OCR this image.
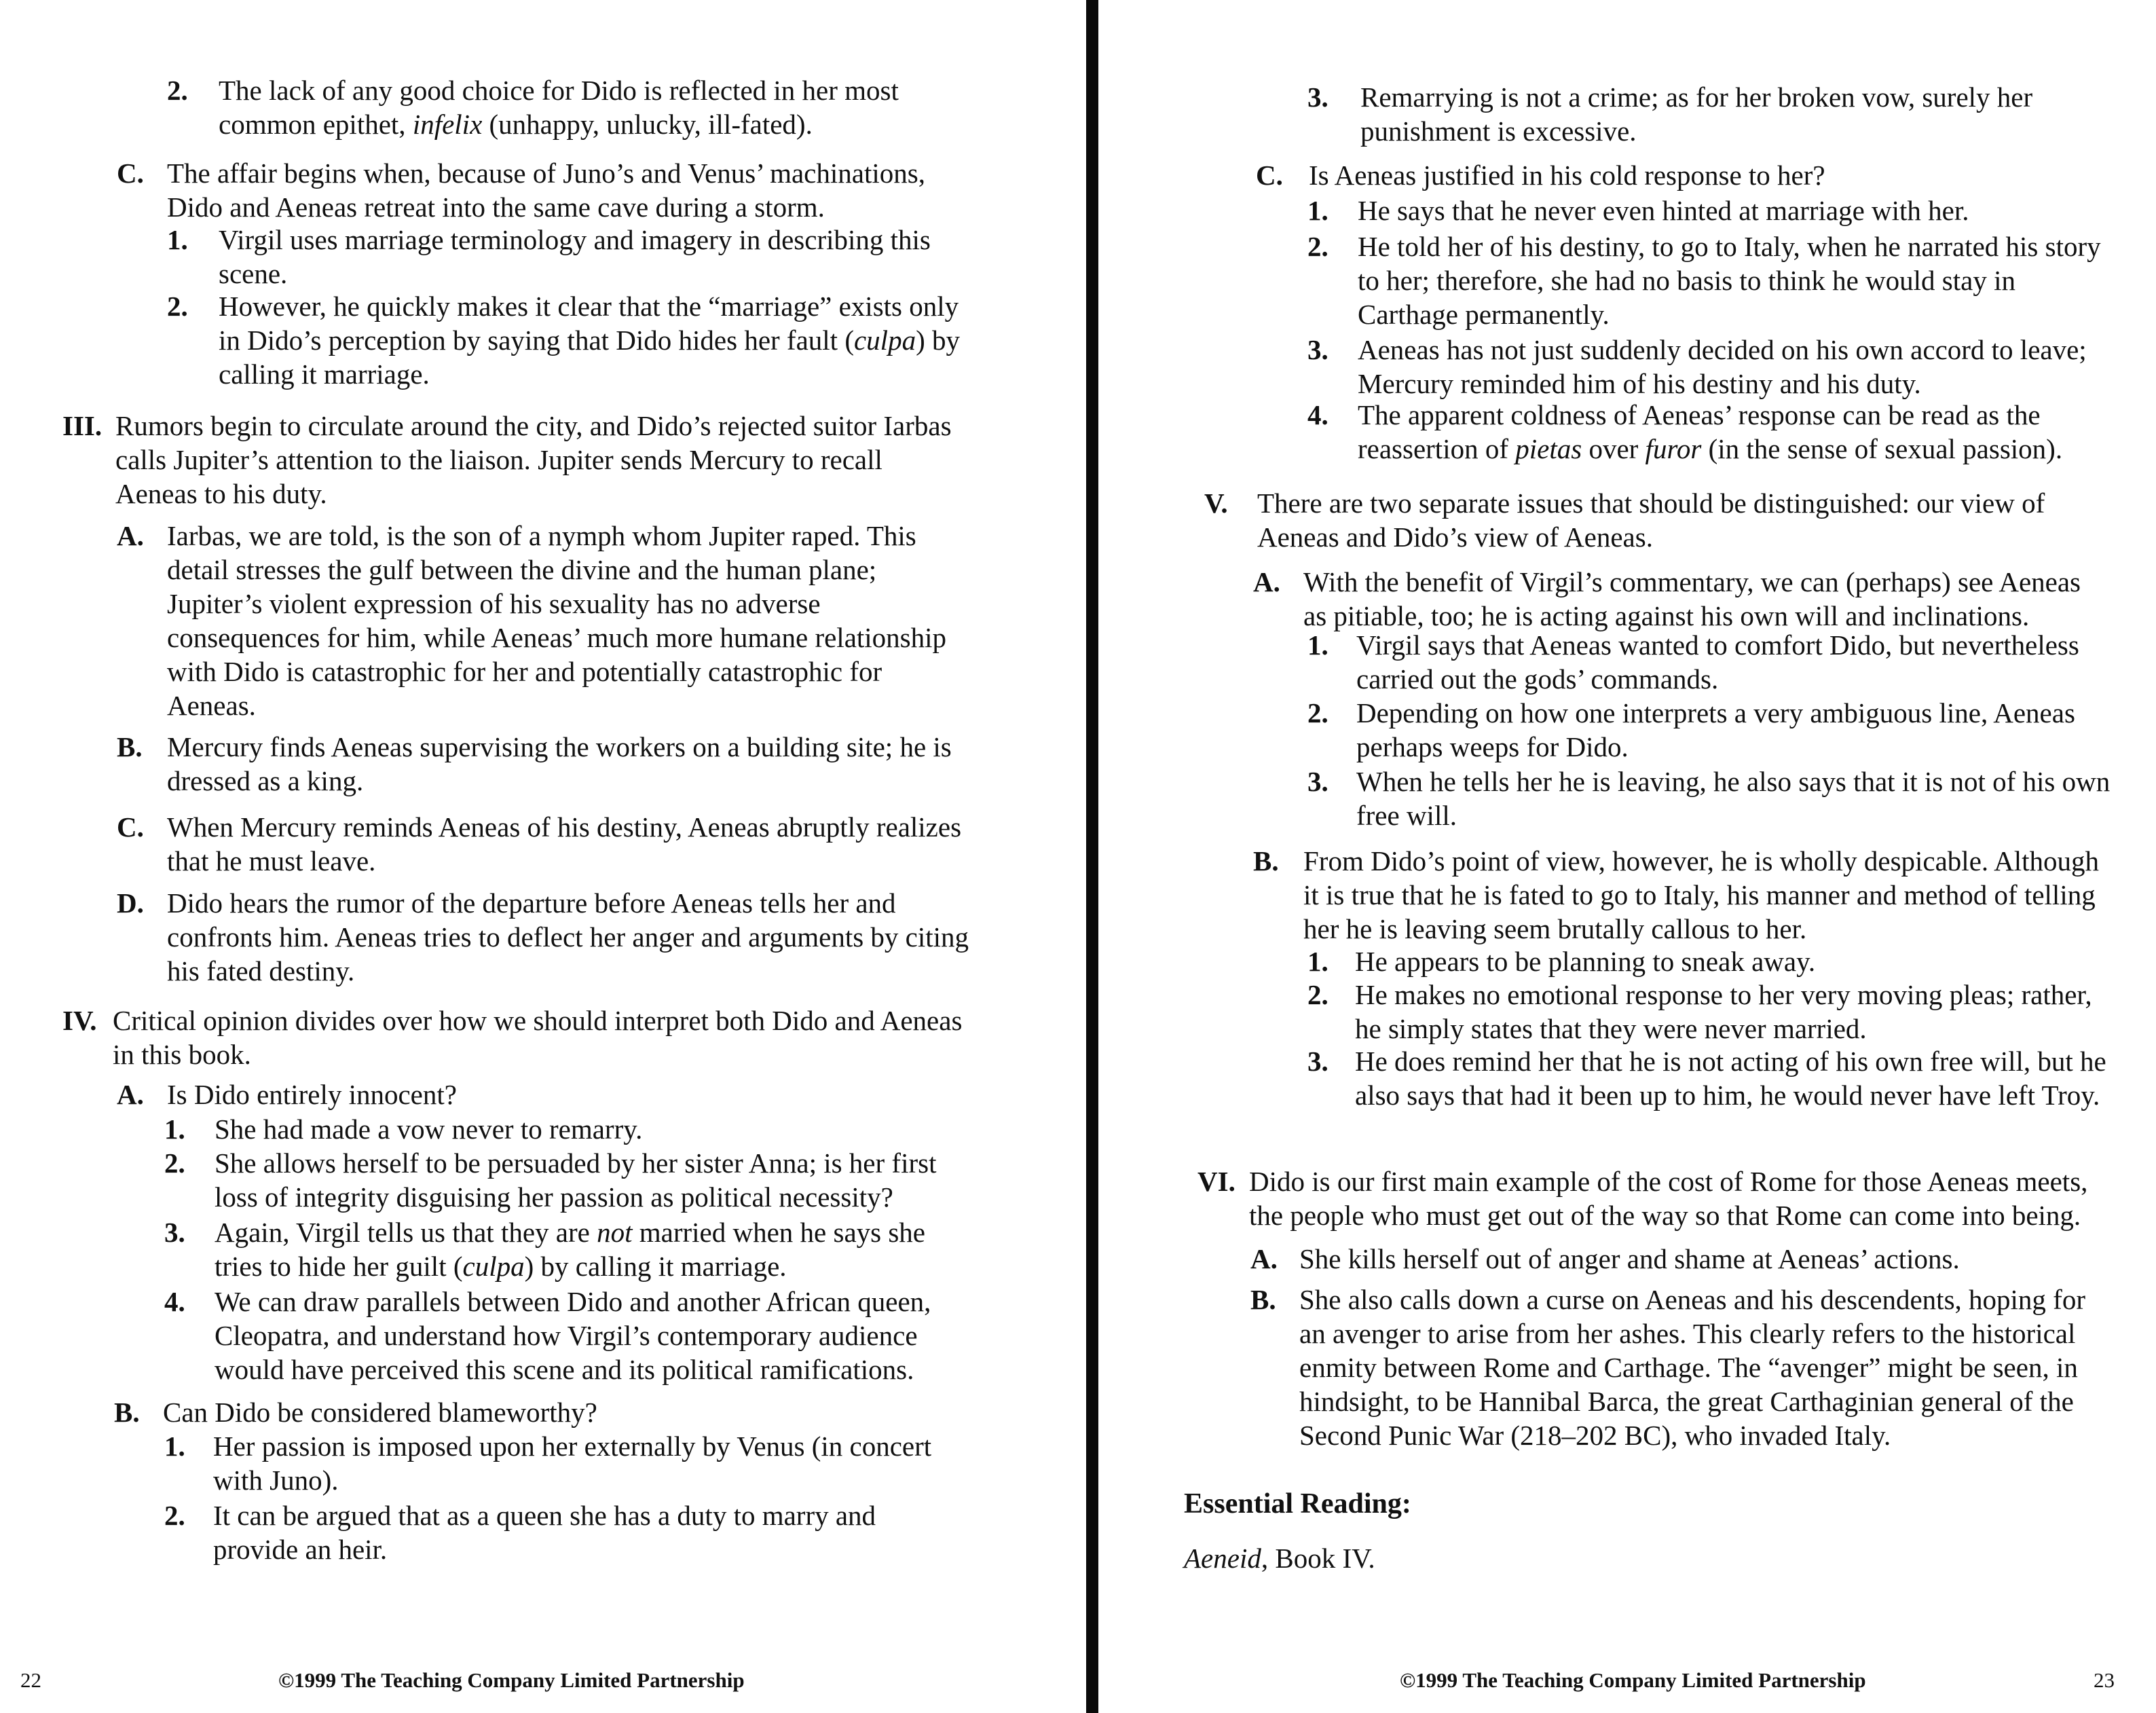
2. The lack of any good choice for Dido is reflected in her most
common epithet, infelix (unhappy, unlucky, ill-fated).
C. The affair begins when, because of Juno’s and Venus’ machinations,
Dido and Aeneas retreat into the same cave during a storm.
1. Virgil uses marriage terminology and imagery in describing this
scene.
2. However, he quickly makes it clear that the “marriage” exists only
in Dido’s perception by saying that Dido hides her fault (culpa) by
calling it marriage.
III. Rumors begin to circulate around the city, and Dido’s rejected suitor Iarbas
calls Jupiter’s attention to the liaison. Jupiter sends Mercury to recall
Aeneas to his duty.
A. Iarbas, we are told, is the son of a nymph whom Jupiter raped. This
detail stresses the gulf between the divine and the human plane;
Jupiter’s violent expression of his sexuality has no adverse
consequences for him, while Aeneas’ much more humane relationship
with Dido is catastrophic for her and potentially catastrophic for
Aeneas.
B. Mercury finds Aeneas supervising the workers on a building site; he is
dressed as a king.
C. When Mercury reminds Aeneas of his destiny, Aeneas abruptly realizes
that he must leave.
D. Dido hears the rumor of the departure before Aeneas tells her and
confronts him. Aeneas tries to deflect her anger and arguments by citing
his fated destiny.
IV. Critical opinion divides over how we should interpret both Dido and Aeneas
in this book.
A. Is Dido entirely innocent?
1. She had made a vow never to remarry.
2. She allows herself to be persuaded by her sister Anna; is her first
loss of integrity disguising her passion as political necessity?
3. Again, Virgil tells us that they are not married when he says she
tries to hide her guilt (culpa) by calling it marriage.
4. We can draw parallels between Dido and another African queen,
Cleopatra, and understand how Virgil’s contemporary audience
would have perceived this scene and its political ramifications.
B. Can Dido be considered blameworthy?
1. Her passion is imposed upon her externally by Venus (in concert
with Juno).
2. It can be argued that as a queen she has a duty to marry and
provide an heir.
22	©1999 The Teaching Company Limited Partnership
3. Remarrying is not a crime; as for her broken vow, surely her
punishment is excessive.
C. Is Aeneas justified in his cold response to her?
1. He says that he never even hinted at marriage with her.
2. He told her of his destiny, to go to Italy, when he narrated his story
to her; therefore, she had no basis to think he would stay in
Carthage permanently.
3. Aeneas has not just suddenly decided on his own accord to leave;
Mercury reminded him of his destiny and his duty.
4. The apparent coldness of Aeneas’ response can be read as the
reassertion of pietas over furor (in the sense of sexual passion).
V. There are two separate issues that should be distinguished: our view of
Aeneas and Dido’s view of Aeneas.
A. With the benefit of Virgil’s commentary, we can (perhaps) see Aeneas
as pitiable, too; he is acting against his own will and inclinations.
1. Virgil says that Aeneas wanted to comfort Dido, but nevertheless
carried out the gods’ commands.
2. Depending on how one interprets a very ambiguous line, Aeneas
perhaps weeps for Dido.
3. When he tells her he is leaving, he also says that it is not of his own
free will.
B. From Dido’s point of view, however, he is wholly despicable. Although
it is true that he is fated to go to Italy, his manner and method of telling
her he is leaving seem brutally callous to her.
1. He appears to be planning to sneak away.
2. He makes no emotional response to her very moving pleas; rather,
he simply states that they were never married.
3. He does remind her that he is not acting of his own free will, but he
also says that had it been up to him, he would never have left Troy.
VI. Dido is our first main example of the cost of Rome for those Aeneas meets,
the people who must get out of the way so that Rome can come into being.
A. She kills herself out of anger and shame at Aeneas’ actions.
B. She also calls down a curse on Aeneas and his descendents, hoping for
an avenger to arise from her ashes. This clearly refers to the historical
enmity between Rome and Carthage. The “avenger” might be seen, in
hindsight, to be Hannibal Barca, the great Carthaginian general of the
Second Punic War (218–202 BC), who invaded Italy.
©1999 The Teaching Company Limited Partnership	23
Essential Reading:
Aeneid, Book IV.
